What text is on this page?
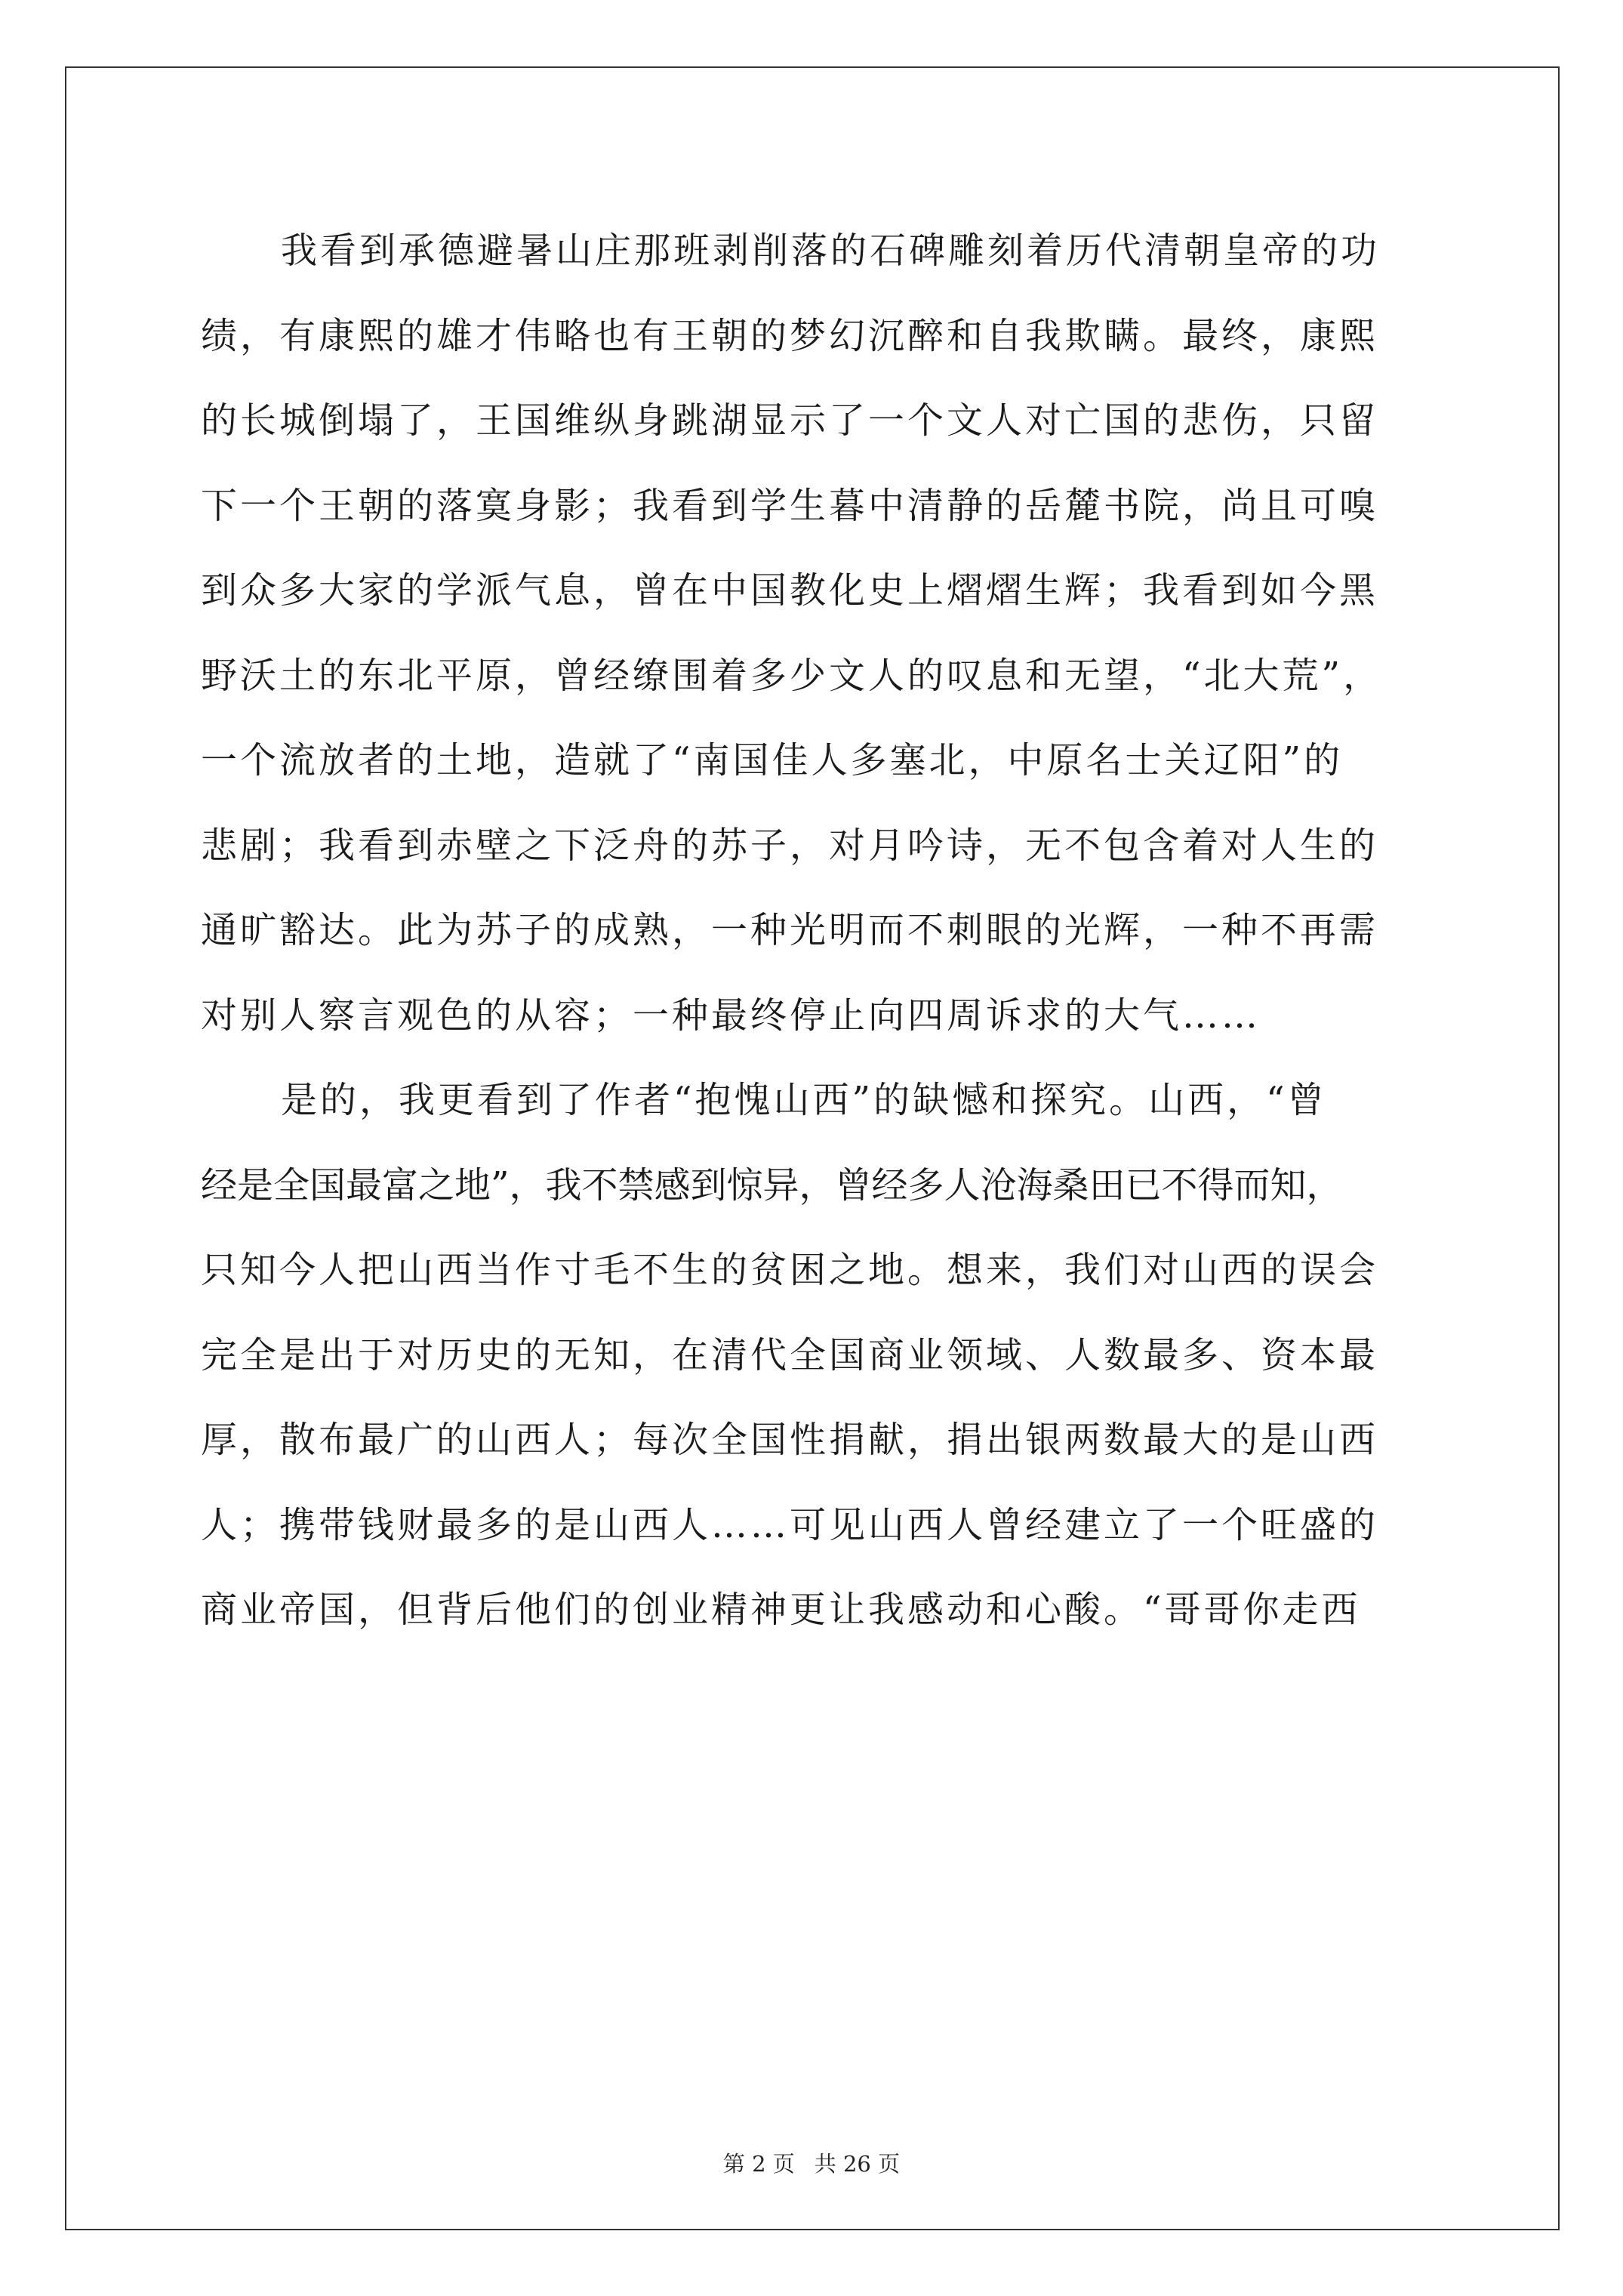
我看到承德避暑山庄那班剥削落的石碑雕刻着历代清朝皇帝的功
绩，有康熙的雄才伟略也有王朝的梦幻沉醉和自我欺瞒。最终，康熙
的长城倒塌了，王国维纵身跳湖显示了一个文人对亡国的悲伤，只留
下一个王朝的落寞身影；我看到学生暮中清静的岳麓书院，尚且可嗅
到众多大家的学派气息，曾在中国教化史上熠熠生辉；我看到如今黑
野沃土的东北平原，曾经缭围着多少文人的叹息和无望，“北大荒”，
一个流放者的土地，造就了“南国佳人多塞北，中原名士关辽阳”的
悲剧；我看到赤壁之下泛舟的苏子，对月吟诗，无不包含着对人生的
通旷豁达。此为苏子的成熟，一种光明而不刺眼的光辉，一种不再需
对别人察言观色的从容；一种最终停止向四周诉求的大气……
是的，我更看到了作者“抱愧山西”的缺憾和探究。山西，“曾
经是全国最富之地”，我不禁感到惊异，曾经多人沧海桑田已不得而知，
只知今人把山西当作寸毛不生的贫困之地。想来，我们对山西的误会
完全是出于对历史的无知，在清代全国商业领域、人数最多、资本最
厚，散布最广的山西人；每次全国性捐献，捐出银两数最大的是山西
人；携带钱财最多的是山西人……可见山西人曾经建立了一个旺盛的
商业帝国，但背后他们的创业精神更让我感动和心酸。“哥哥你走西
第 2 页 共 26 页
